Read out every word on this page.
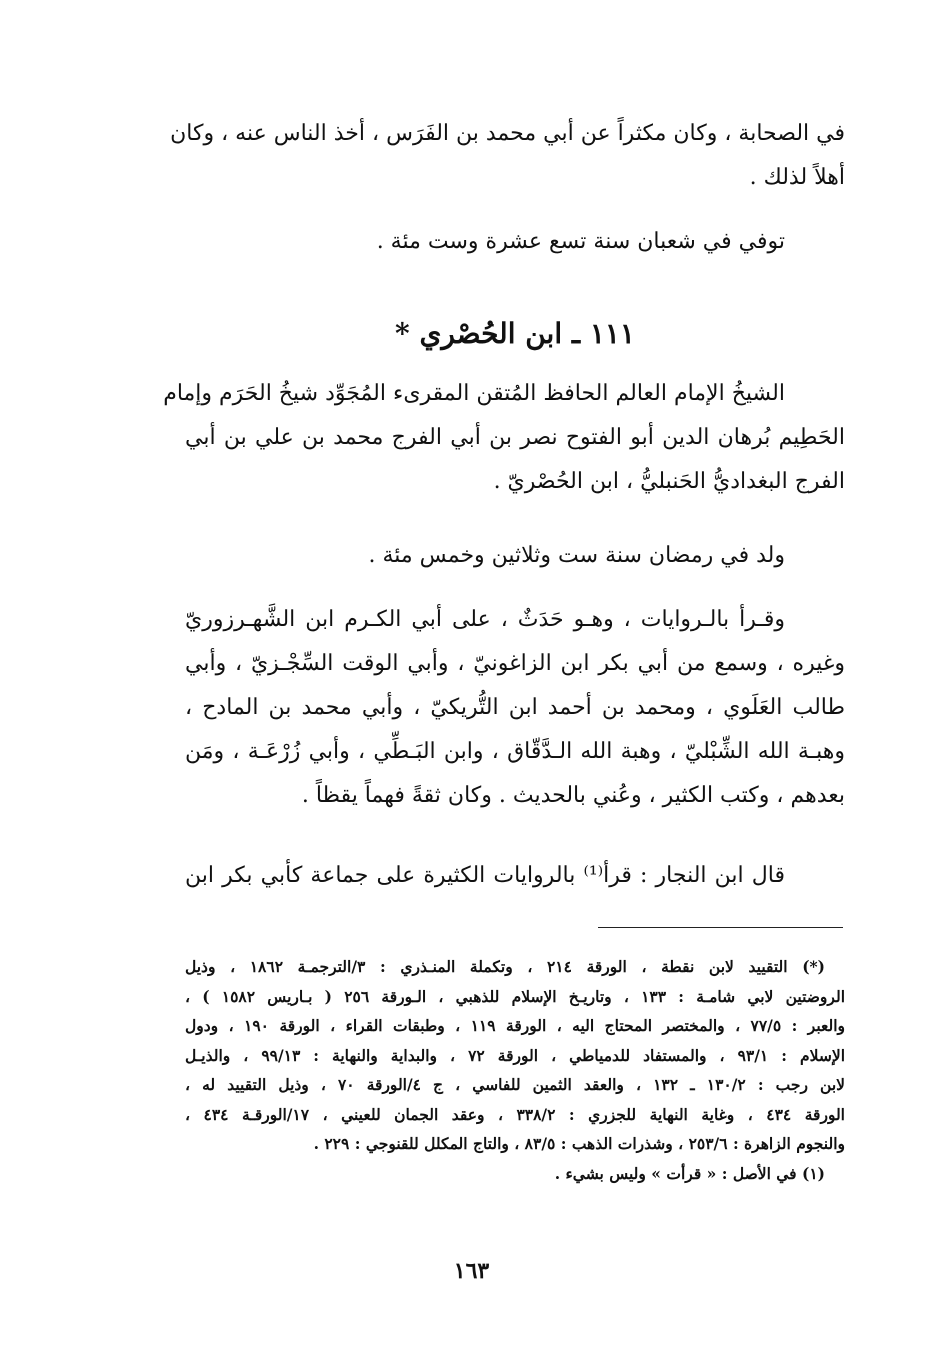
في الصحابة ، وكان مكثراً عن أبي محمد بن الفَرَس ، أخذ الناس عنه ، وكان
أهلاً لذلك .
توفي في شعبان سنة تسع عشرة وست مئة .
١١١ ـ ابن الحُصْري *
الشيخُ الإمام العالم الحافظ المُتقن المقرىء المُجَوِّد شيخُ الحَرَم وإمام
الحَطِيم بُرهان الدين أبو الفتوح نصر بن أبي الفرج محمد بن علي بن أبي
الفرج البغداديُّ الحَنبليُّ ، ابن الحُصْريّ .
ولد في رمضان سنة ست وثلاثين وخمس مئة .
وقـرأ بالـروايات ، وهـو حَدَثٌ ، على أبي الكـرم ابن الشَّهـرزوريّ
وغيره ، وسمع من أبي بكر ابن الزاغونيّ ، وأبي الوقت السِّجْـزيّ ، وأبي
طالب العَلَوي ، ومحمد بن أحمد ابن التُّريكيّ ، وأبي محمد بن المادح ،
وهبـة الله الشِّبْليّ ، وهبة الله الـدَّقّاق ، وابن البَـطِّي ، وأبي زُرْعَـة ، ومَن
بعدهم ، وكتب الكثير ، وعُني بالحديث . وكان ثقةً فهماً يقظاً .
قال ابن النجار : قرأ⁽¹⁾ بالروايات الكثيرة على جماعة كأبي بكر ابن
(*) التقييد لابن نقطة ، الورقة ٢١٤ ، وتكملة المنـذري : ٣/الترجمـة ١٨٦٢ ، وذيل
الروضتين لابي شامـة : ١٣٣ ، وتاريـخ الإسلام للذهبي ، الـورقة ٢٥٦ ( بـاريس ١٥٨٢ ) ،
والعبر : ٧٧/٥ ، والمختصر المحتاج اليه ، الورقة ١١٩ ، وطبقات القراء ، الورقة ١٩٠ ، ودول
الإسلام : ٩٣/١ ، والمستفاد للدمياطي ، الورقة ٧٢ ، والبداية والنهاية : ٩٩/١٣ ، والذيـل
لابن رجب : ١٣٠/٢ ـ ١٣٢ ، والعقد الثمين للفاسي ، ج ٤/الورقة ٧٠ ، وذيل التقييد له ،
الورقة ٤٣٤ ، وغاية النهاية للجزري : ٣٣٨/٢ ، وعقد الجمان للعيني ، ١٧/الورقـة ٤٣٤ ،
والنجوم الزاهرة : ٢٥٣/٦ ، وشذرات الذهب : ٨٣/٥ ، والتاج المكلل للقنوجي : ٢٢٩ .
(١) في الأصل : « قرأت » وليس بشيء .
١٦٣
